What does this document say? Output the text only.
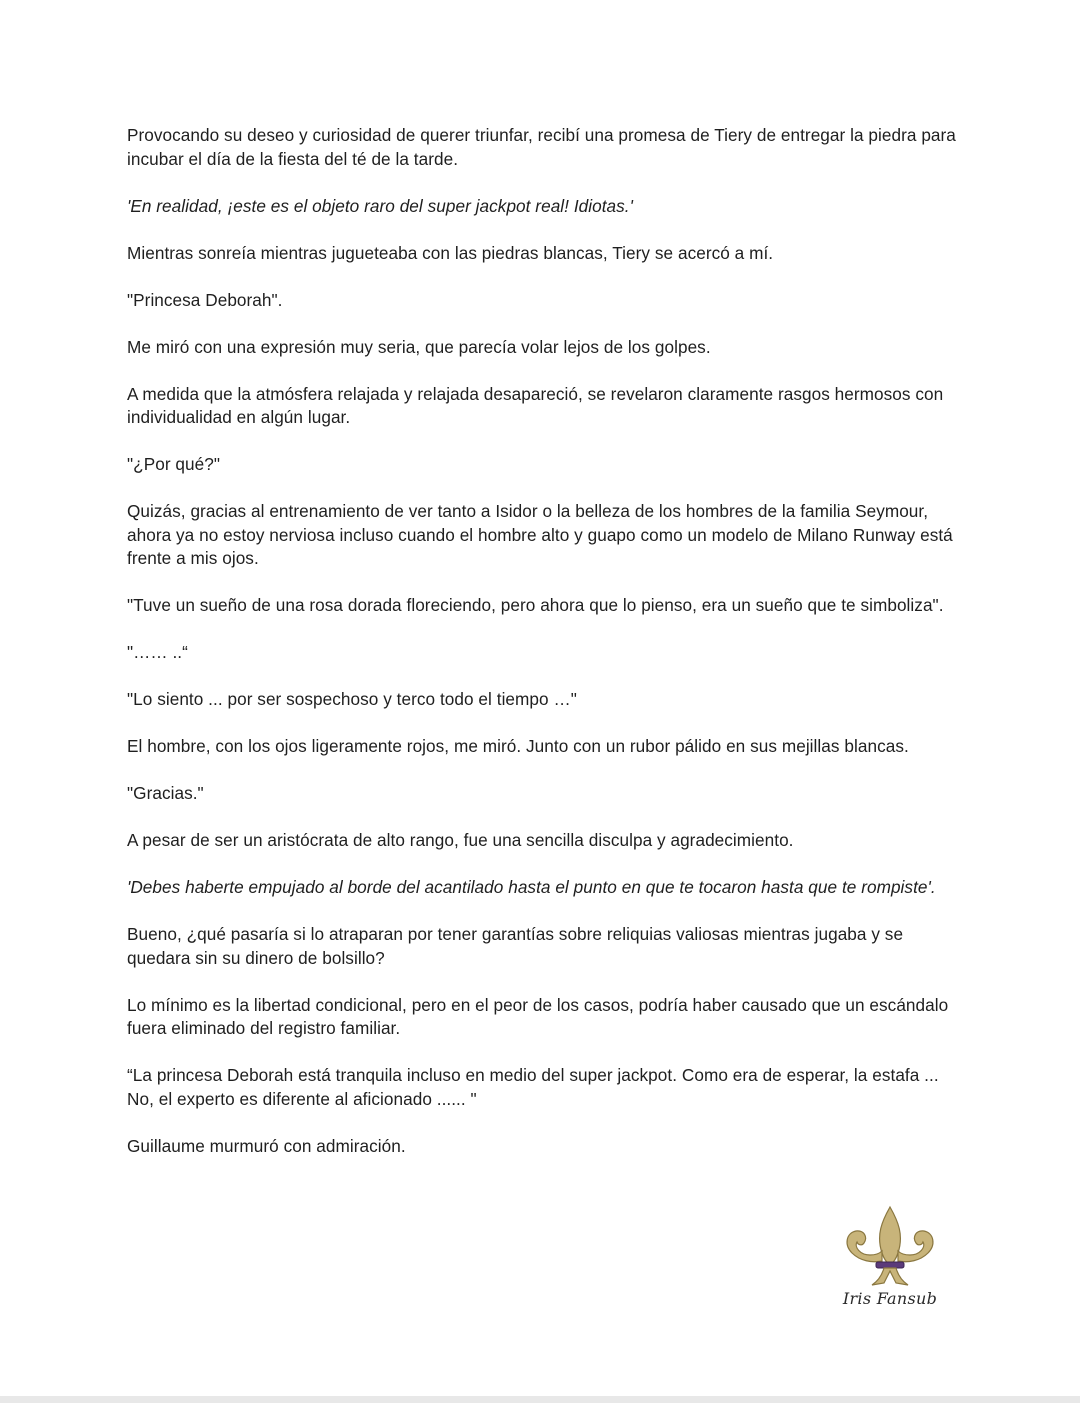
Provocando su deseo y curiosidad de querer triunfar, recibí una promesa de Tiery de entregar la piedra para incubar el día de la fiesta del té de la tarde.

'En realidad, ¡este es el objeto raro del super jackpot real! Idiotas.'

Mientras sonreía mientras jugueteaba con las piedras blancas, Tiery se acercó a mí.

"Princesa Deborah".

Me miró con una expresión muy seria, que parecía volar lejos de los golpes.

A medida que la atmósfera relajada y relajada desapareció, se revelaron claramente rasgos hermosos con individualidad en algún lugar.

"¿Por qué?"

Quizás, gracias al entrenamiento de ver tanto a Isidor o la belleza de los hombres de la familia Seymour, ahora ya no estoy nerviosa incluso cuando el hombre alto y guapo como un modelo de Milano Runway está frente a mis ojos.

"Tuve un sueño de una rosa dorada floreciendo, pero ahora que lo pienso, era un sueño que te simboliza".

"…… ..“

"Lo siento ... por ser sospechoso y terco todo el tiempo …"

El hombre, con los ojos ligeramente rojos, me miró. Junto con un rubor pálido en sus mejillas blancas.

"Gracias."

A pesar de ser un aristócrata de alto rango, fue una sencilla disculpa y agradecimiento.

'Debes haberte empujado al borde del acantilado hasta el punto en que te tocaron hasta que te rompiste'.

Bueno, ¿qué pasaría si lo atraparan por tener garantías sobre reliquias valiosas mientras jugaba y se quedara sin su dinero de bolsillo?

Lo mínimo es la libertad condicional, pero en el peor de los casos, podría haber causado que un escándalo fuera eliminado del registro familiar.

“La princesa Deborah está tranquila incluso en medio del super jackpot. Como era de esperar, la estafa ... No, el experto es diferente al aficionado ...... "

Guillaume murmuró con admiración.

Iris Fansub
